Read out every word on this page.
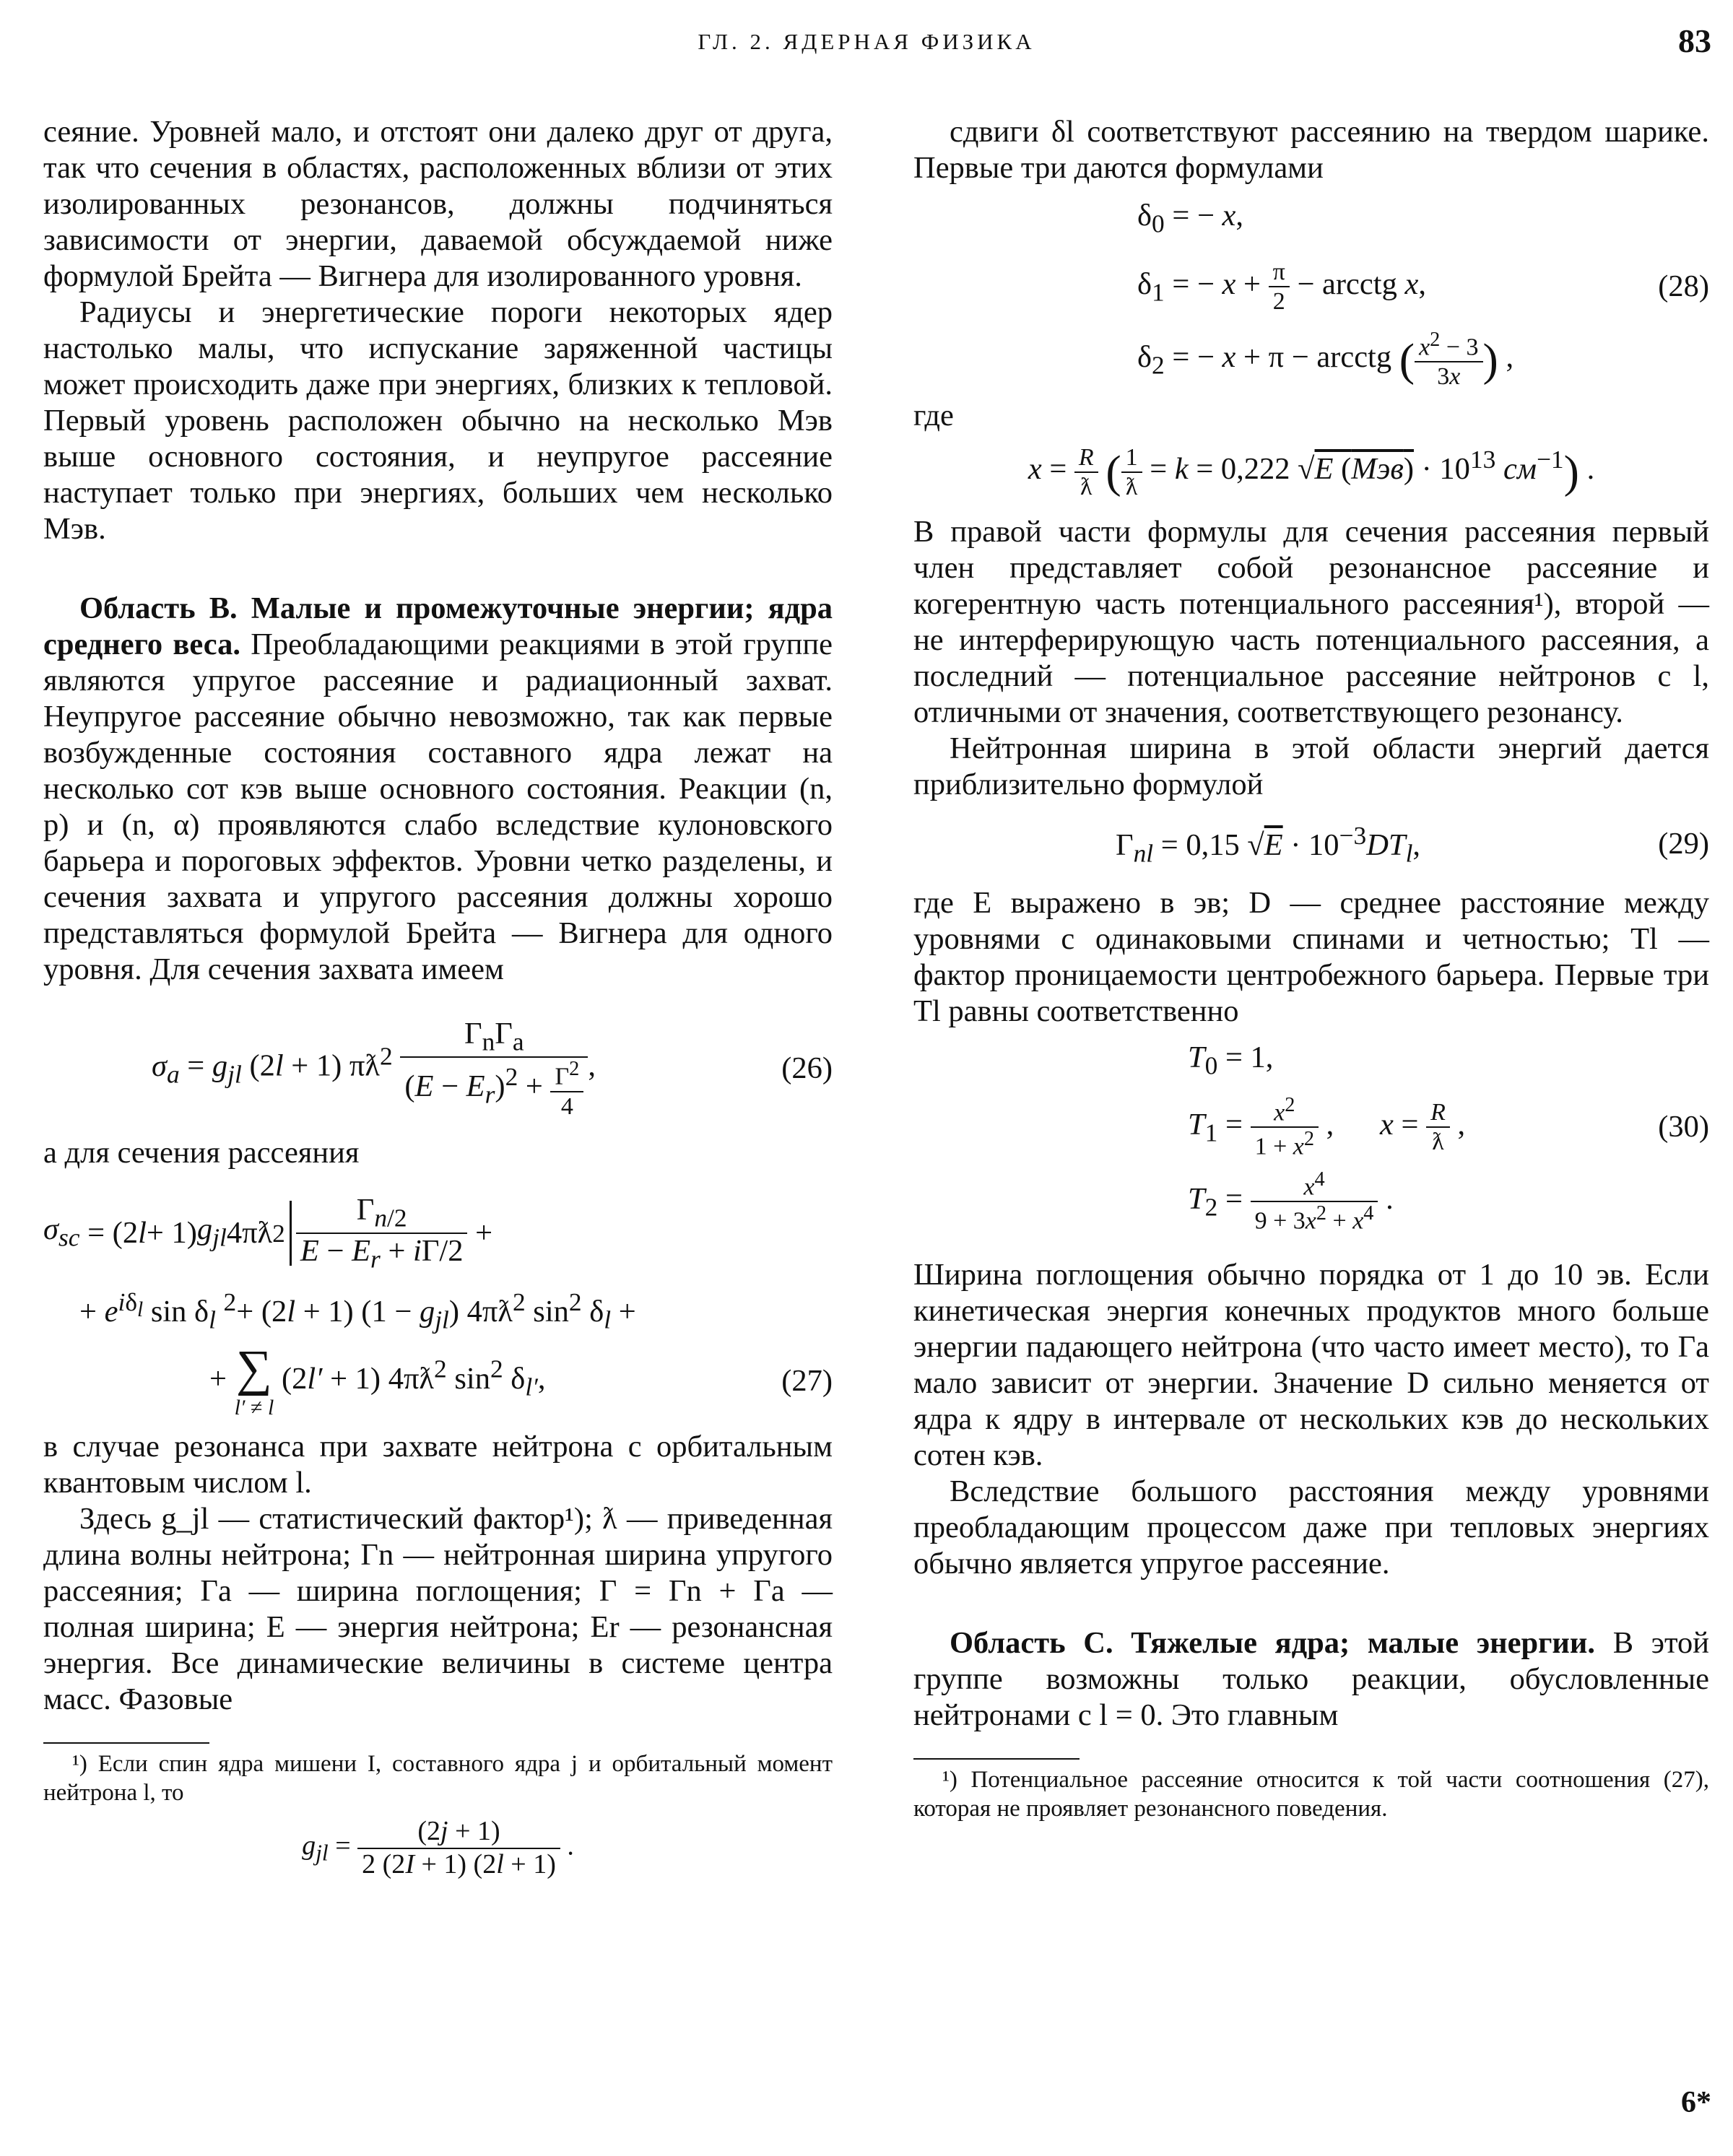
ГЛ. 2. ЯДЕРНАЯ ФИЗИКА	83

сеяние. Уровней мало, и отстоят они далеко друг от друга, так что сечения в областях, расположенных вблизи от этих изолированных резонансов, должны подчиняться зависимости от энергии, даваемой обсуждаемой ниже формулой Брейта — Вигнера для изолированного уровня.

Радиусы и энергетические пороги некоторых ядер настолько малы, что испускание заряженной частицы может происходить даже при энергиях, близких к тепловой. Первый уровень расположен обычно на несколько Мэв выше основного состояния, и неупругое рассеяние наступает только при энергиях, больших чем несколько Мэв.

Область B. Малые и промежуточные энергии; ядра среднего веса. Преобладающими реакциями в этой группе являются упругое рассеяние и радиационный захват. Неупругое рассеяние обычно невозможно, так как первые возбужденные состояния составного ядра лежат на несколько сот кэв выше основного состояния. Реакции (n, p) и (n, α) проявляются слабо вследствие кулоновского барьера и пороговых эффектов. Уровни четко разделены, и сечения захвата и упругого рассеяния должны хорошо представляться формулой Брейта — Вигнера для одного уровня. Для сечения захвата имеем

$\sigma_a = g_{jl}$ (2l + 1) $\pi ƛ^2 \frac{\Gamma_n\Gamma_a}{(E - E_r)^2 + \frac{\Gamma^2}{4}}$ ,	(26)

а для сечения рассеяния

$\sigma_{sc} = (2$ l + 1) $g_{jl}$ 4πƛ $2 \frac{\Gamma_{n/2}}{E - E_r + i\Gamma/2}$ +
+ $e^{i\delta_l}$ $\sin \delta_l$ $^2$+ (2l + 1) $(1 - g_{jl})$ $4\pi ƛ^2$ $\sin^2 \delta_l$ +
+ ∑
l′ ≠ l
(2l′ + 1) $4\pi ƛ^2$ $\sin^2 \delta_{l'}$,	(27)

в случае резонанса при захвате нейтрона с орбитальным квантовым числом l.

Здесь g_jl — статистический фактор¹); ƛ — приведенная длина волны нейтрона; Γn — нейтронная ширина упругого рассеяния; Γa — ширина поглощения; Γ = Γn + Γa — полная ширина; E — энергия нейтрона; Er — резонансная энергия. Все динамические величины в системе центра масс. Фазовые

¹) Если спин ядра мишени I, составного ядра j и орбитальный момент нейтрона l, то
$g_{jl} = \frac{(2j + 1)}{2 (2I + 1) (2l + 1)}$ .

сдвиги δl соответствуют рассеянию на твердом шарике. Первые три даются формулами

$\delta_0$ = − x,
$\delta_1$ = − $x + \frac{\pi}{2}$ − arcctg x,	(28)
$\delta_2$ = − x + π − arcctg ( $\frac{x^2 - 3}{3x}$ ) ,

где

$x = \frac{R}{ƛ}$ ( $\frac{1}{ƛ} = k = 0,222$ √E $(Мэв) \cdot 10^{13}$ $см^{-1}$) .

В правой части формулы для сечения рассеяния первый член представляет собой резонансное рассеяние и когерентную часть потенциального рассеяния¹), второй — не интерферирующую часть потенциального рассеяния, а последний — потенциальное рассеяние нейтронов с l, отличными от значения, соответствующего резонансу.

Нейтронная ширина в этой области энергий дается приблизительно формулой

$\Gamma_{nl} = 0,15$ $√E \cdot 10^{-3}DT_l$,	(29)

где E выражено в эв; D — среднее расстояние между уровнями с одинаковыми спинами и четностью; Tl — фактор проницаемости центробежного барьера. Первые три Tl равны соответственно

$T_0 = 1$,
$T_1 = \frac{x^2}{1 + x^2}$ ,      $x = \frac{R}{ƛ}$ ,	(30)
$T_2 = \frac{x^4}{9 + 3x^2 + x^4}$ .

Ширина поглощения обычно порядка от 1 до 10 эв. Если кинетическая энергия конечных продуктов много больше энергии падающего нейтрона (что часто имеет место), то Γa мало зависит от энергии. Значение D сильно меняется от ядра к ядру в интервале от нескольких кэв до нескольких сотен кэв.

Вследствие большого расстояния между уровнями преобладающим процессом даже при тепловых энергиях обычно является упругое рассеяние.

Область C. Тяжелые ядра; малые энергии. В этой группе возможны только реакции, обусловленные нейтронами с l = 0. Это главным

¹) Потенциальное рассеяние относится к той части соотношения (27), которая не проявляет резонансного поведения.
6*
